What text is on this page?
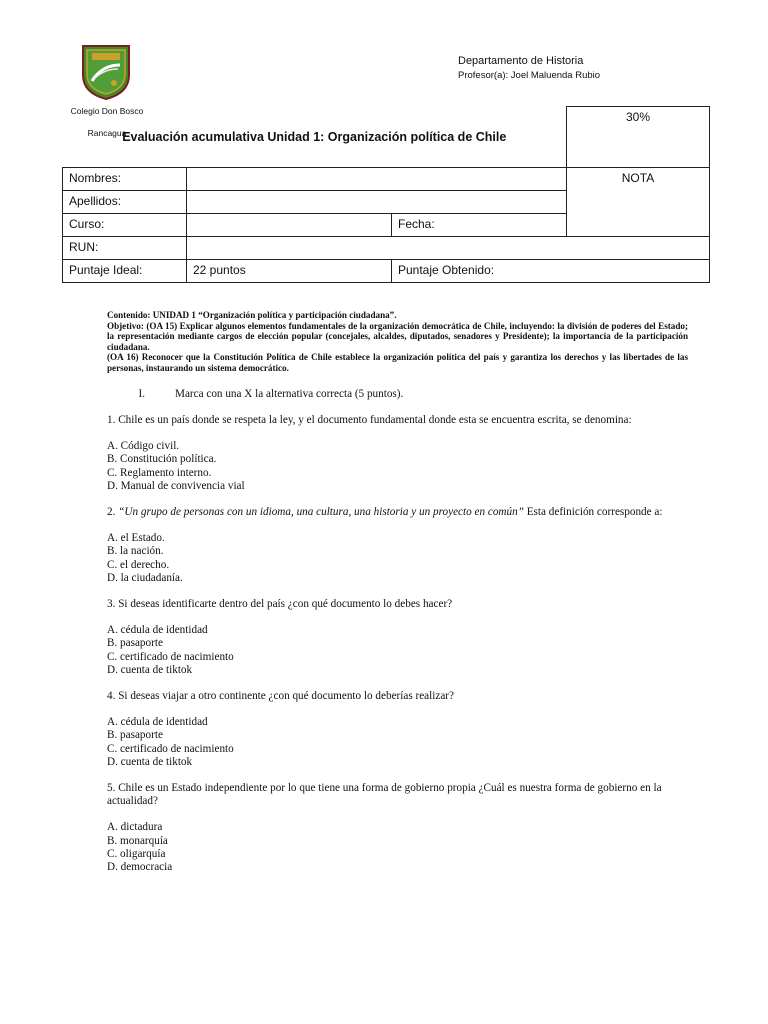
Colegio Don Bosco
Rancagua
Departamento de Historia
Profesor(a): Joel Maluenda Rubio
Evaluación acumulativa Unidad 1: Organización política de Chile			30%
Nombres:			NOTA
Apellidos:			
Curso:		Fecha:	
RUN:			
Puntaje Ideal:	22 puntos	Puntaje Obtenido:	

Contenido: UNIDAD 1 “Organización política y participación ciudadana”.

Objetivo: (OA 15) Explicar algunos elementos fundamentales de la organización democrática de Chile, incluyendo: la división de poderes del Estado; la representación mediante cargos de elección popular (concejales, alcaldes, diputados, senadores y Presidente); la importancia de la participación ciudadana.

(OA 16) Reconocer que la Constitución Política de Chile establece la organización política del país y garantiza los derechos y las libertades de las personas, instaurando un sistema democrático.

I.	Marca con una X la alternativa correcta (5 puntos).

1. Chile es un país donde se respeta la ley, y el documento fundamental donde esta se encuentra escrita, se denomina:

A. Código civil.

B. Constitución política.

C. Reglamento interno.

D. Manual de convivencia vial

2. “Un grupo de personas con un idioma, una cultura, una historia y un proyecto en común” Esta definición corresponde a:

A. el Estado.

B. la nación.

C. el derecho.

D. la ciudadanía.

3. Si deseas identificarte dentro del país ¿con qué documento lo debes hacer?

A. cédula de identidad

B. pasaporte

C. certificado de nacimiento

D. cuenta de tiktok

4. Si deseas viajar a otro continente ¿con qué documento lo deberías realizar?

A. cédula de identidad

B. pasaporte

C. certificado de nacimiento

D. cuenta de tiktok

5. Chile es un Estado independiente por lo que tiene una forma de gobierno propia ¿Cuál es nuestra forma de gobierno en la actualidad?

A. dictadura

B. monarquía

C. oligarquía

D. democracia
